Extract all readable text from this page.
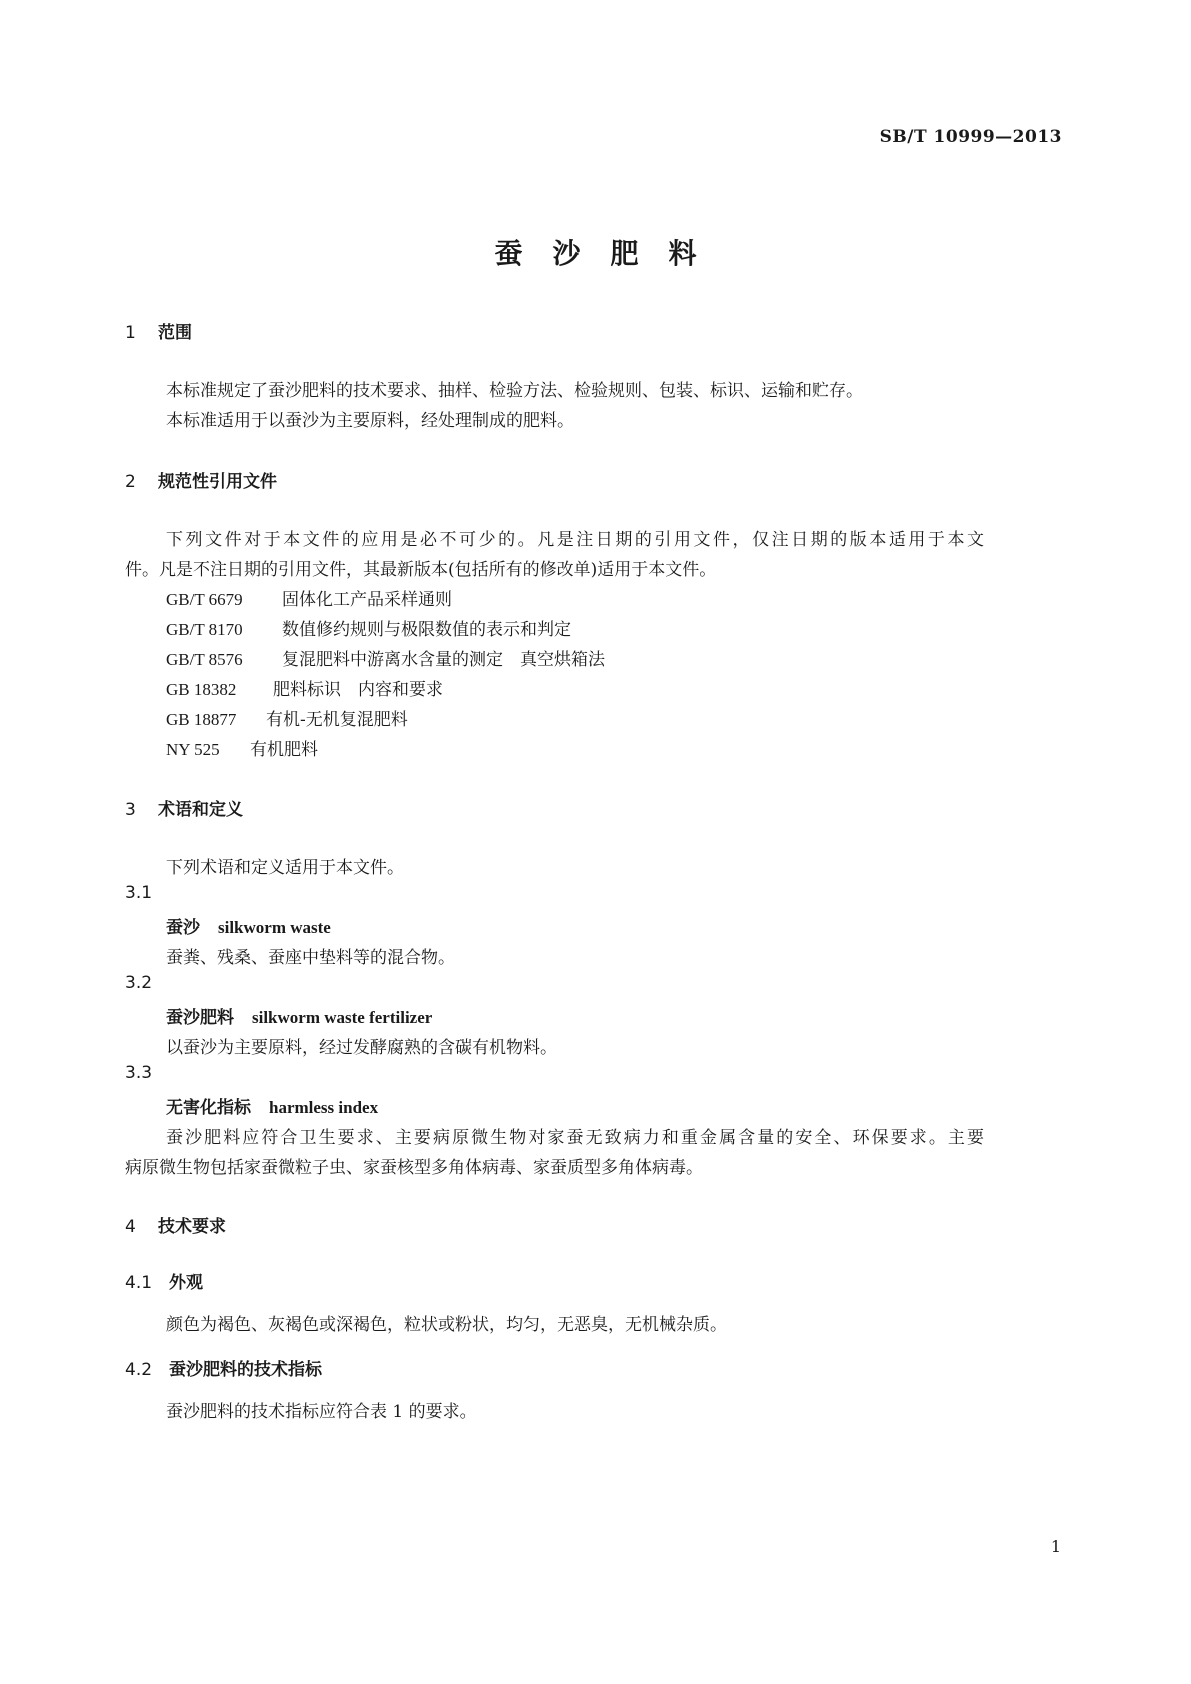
SB/T 10999—2013
蚕沙肥料
1 范围
本标准规定了蚕沙肥料的技术要求、抽样、检验方法、检验规则、包装、标识、运输和贮存。
本标准适用于以蚕沙为主要原料，经处理制成的肥料。
2 规范性引用文件
下列文件对于本文件的应用是必不可少的。凡是注日期的引用文件，仅注日期的版本适用于本文
件。凡是不注日期的引用文件，其最新版本(包括所有的修改单)适用于本文件。
GB/T 6679 固体化工产品采样通则
GB/T 8170 数值修约规则与极限数值的表示和判定
GB/T 8576 复混肥料中游离水含量的测定　真空烘箱法
GB 18382 肥料标识　内容和要求
GB 18877 有机-无机复混肥料
NY 525 有机肥料
3 术语和定义
下列术语和定义适用于本文件。
3.1
蚕沙 silkworm waste
蚕粪、残桑、蚕座中垫料等的混合物。
3.2
蚕沙肥料 silkworm waste fertilizer
以蚕沙为主要原料，经过发酵腐熟的含碳有机物料。
3.3
无害化指标 harmless index
蚕沙肥料应符合卫生要求、主要病原微生物对家蚕无致病力和重金属含量的安全、环保要求。主要
病原微生物包括家蚕微粒子虫、家蚕核型多角体病毒、家蚕质型多角体病毒。
4 技术要求
4.1 外观
颜色为褐色、灰褐色或深褐色，粒状或粉状，均匀，无恶臭，无机械杂质。
4.2 蚕沙肥料的技术指标
蚕沙肥料的技术指标应符合表 1 的要求。
1
